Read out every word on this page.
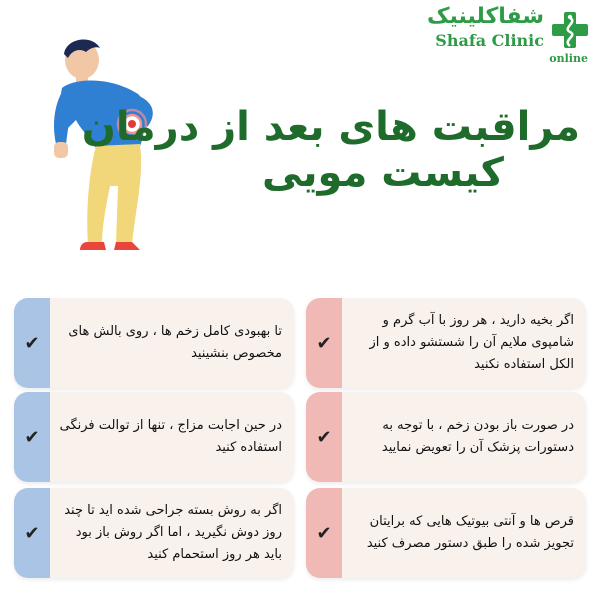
شفاکلینیک
Shafa Clinic
online
مراقبت های بعد از درمان
کیست مویی
✔
اگر بخیه دارید ، هر روز با آب گرم و شامپوی ملایم آن را شستشو داده و از الکل استفاده نکنید
✔
تا بهبودی کامل زخم ها ، روی بالش های مخصوص بنشینید
✔
در صورت باز بودن زخم ، با توجه به دستورات پزشک آن را تعویض نمایید
✔
در حین اجابت مزاج ، تنها از توالت فرنگی استفاده کنید
✔
قرص ها و آنتی بیوتیک هایی که برایتان تجویز شده را طبق دستور مصرف کنید
✔
اگر به روش بسته جراحی شده اید تا چند روز دوش نگیرید ، اما اگر روش باز بود باید هر روز استحمام کنید
